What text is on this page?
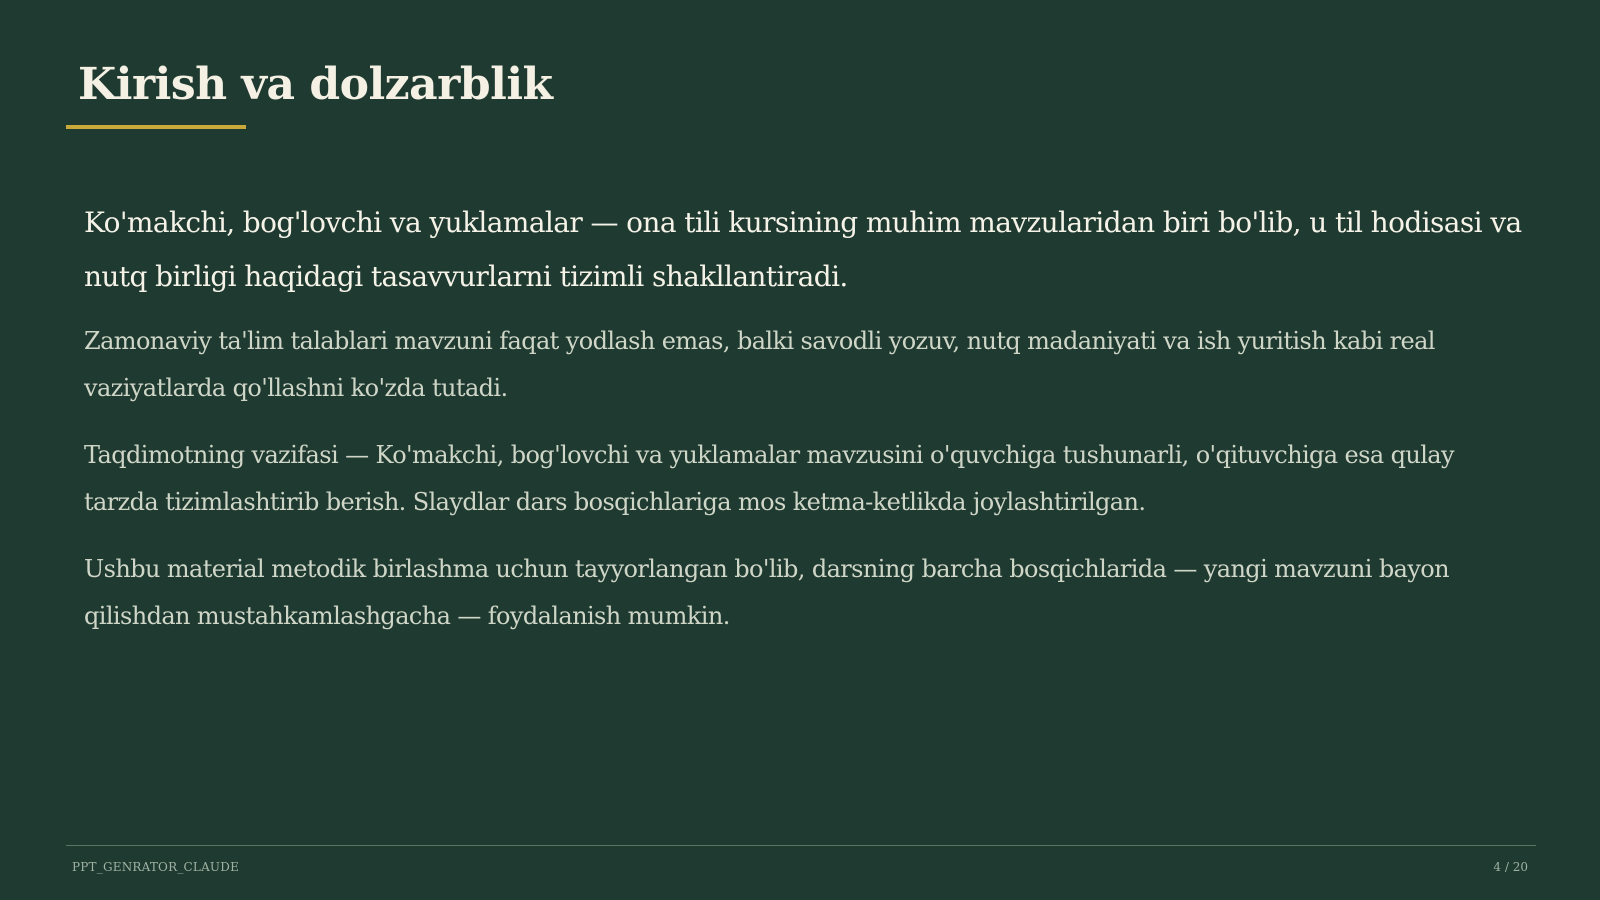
Kirish va dolzarblik

Ko'makchi, bog'lovchi va yuklamalar — ona tili kursining muhim mavzularidan biri bo'lib, u til hodisasi va nutq birligi haqidagi tasavvurlarni tizimli shakllantiradi.

Zamonaviy ta'lim talablari mavzuni faqat yodlash emas, balki savodli yozuv, nutq madaniyati va ish yuritish kabi real vaziyatlarda qo'llashni ko'zda tutadi.

Taqdimotning vazifasi — Ko'makchi, bog'lovchi va yuklamalar mavzusini o'quvchiga tushunarli, o'qituvchiga esa qulay tarzda tizimlashtirib berish. Slaydlar dars bosqichlariga mos ketma-ketlikda joylashtirilgan.

Ushbu material metodik birlashma uchun tayyorlangan bo'lib, darsning barcha bosqichlarida — yangi mavzuni bayon qilishdan mustahkamlashgacha — foydalanish mumkin.

PPT_GENRATOR_CLAUDE	4 / 20
